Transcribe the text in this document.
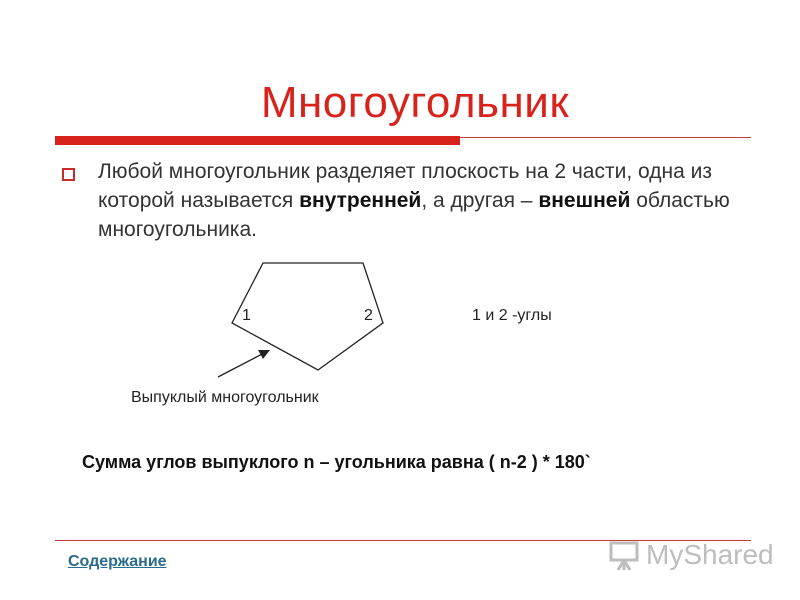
Многоугольник
Любой многоугольник разделяет плоскость на 2 части, одна из которой называется внутренней, а другая – внешней областью многоугольника.
1	2	1 и 2 -углы
Выпуклый многоугольник
Сумма углов выпуклого n – угольника равна ( n-2 ) * 180`
Содержание	MyShared
